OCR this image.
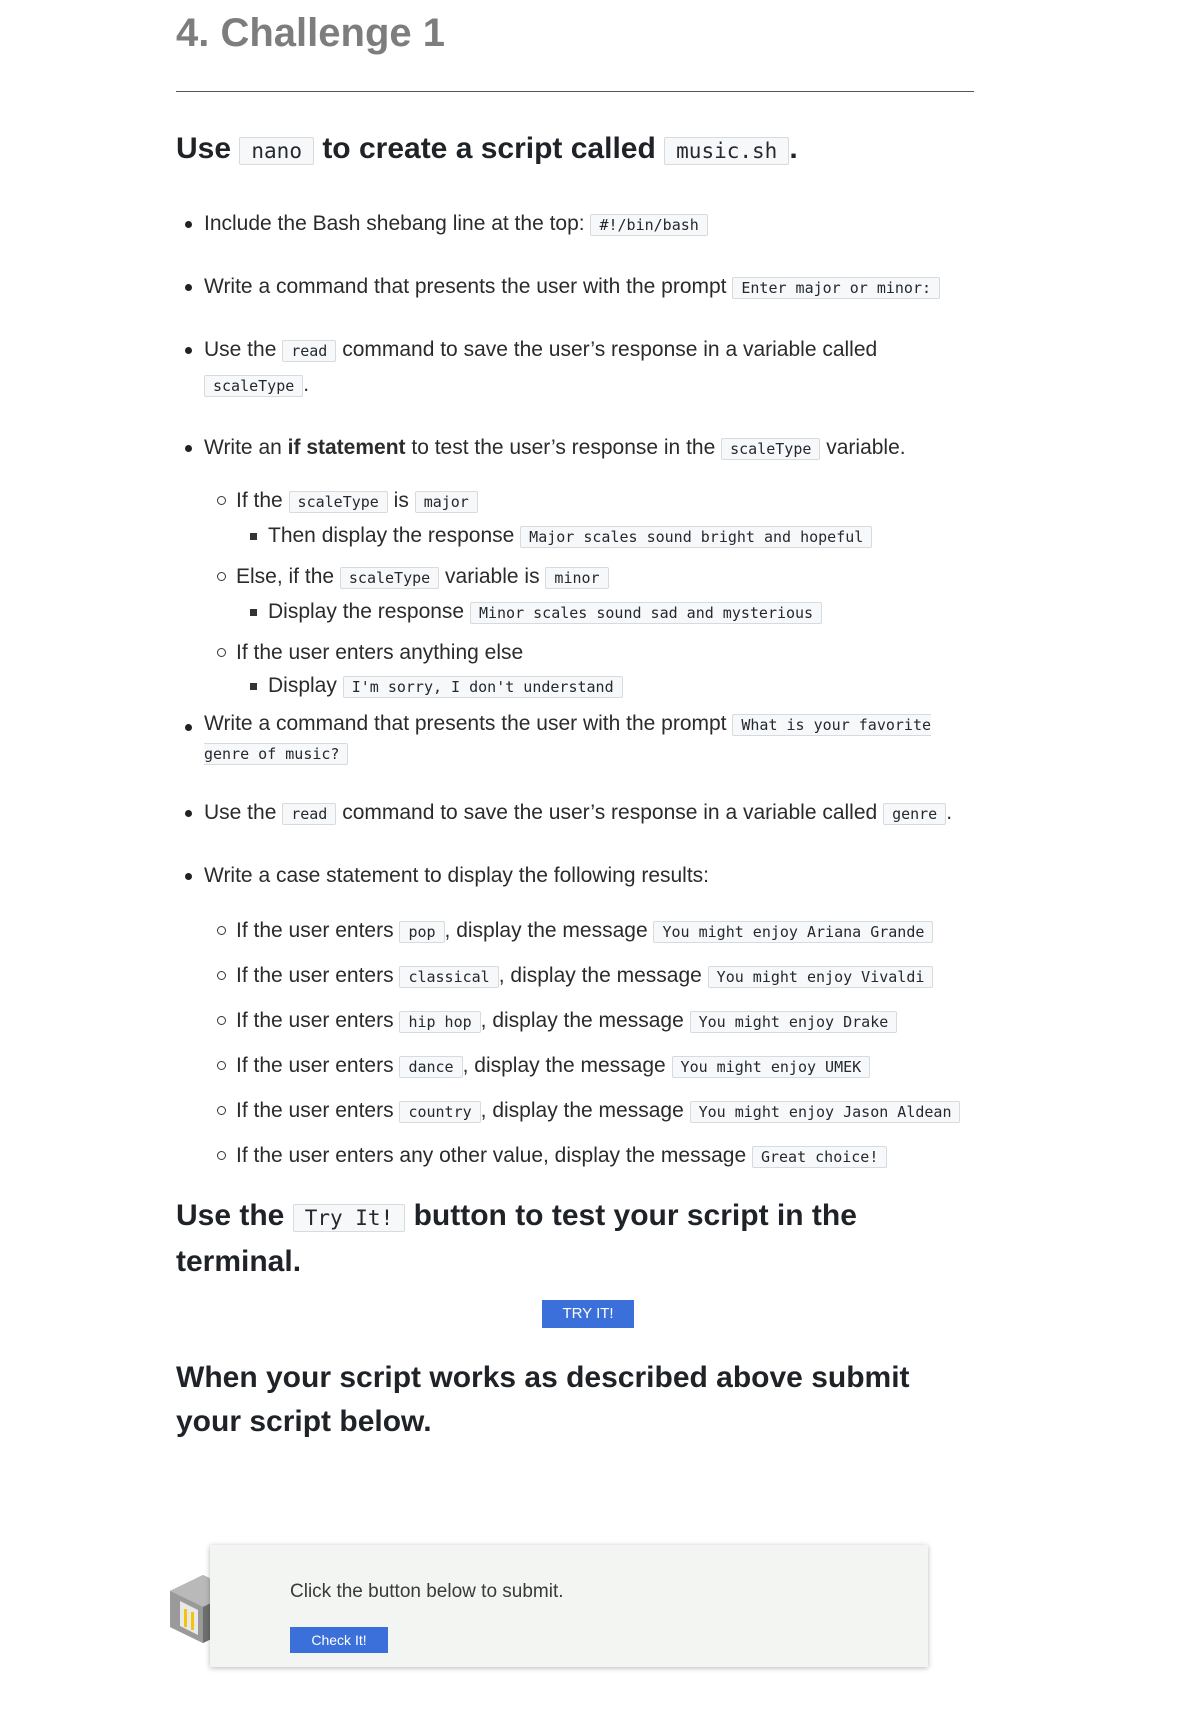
4. Challenge 1
Use nano to create a script called music.sh .
Include the Bash shebang line at the top: #!/bin/bash
Write a command that presents the user with the prompt Enter major or minor:
Use the read command to save the user’s response in a variable called scaleType .
Write an if statement to test the user’s response in the scaleType variable.
If the scaleType is major
Then display the response Major scales sound bright and hopeful
Else, if the scaleType variable is minor
Display the response Minor scales sound sad and mysterious
If the user enters anything else
Display I'm sorry, I don't understand
Write a command that presents the user with the prompt What is your favorite genre of music?
Use the read command to save the user’s response in a variable called genre .
Write a case statement to display the following results:
If the user enters pop , display the message You might enjoy Ariana Grande
If the user enters classical , display the message You might enjoy Vivaldi
If the user enters hip hop , display the message You might enjoy Drake
If the user enters dance , display the message You might enjoy UMEK
If the user enters country , display the message You might enjoy Jason Aldean
If the user enters any other value, display the message Great choice!
Use the Try It! button to test your script in the terminal.
TRY IT!
When your script works as described above submit your script below.
Click the button below to submit.
Check It!
